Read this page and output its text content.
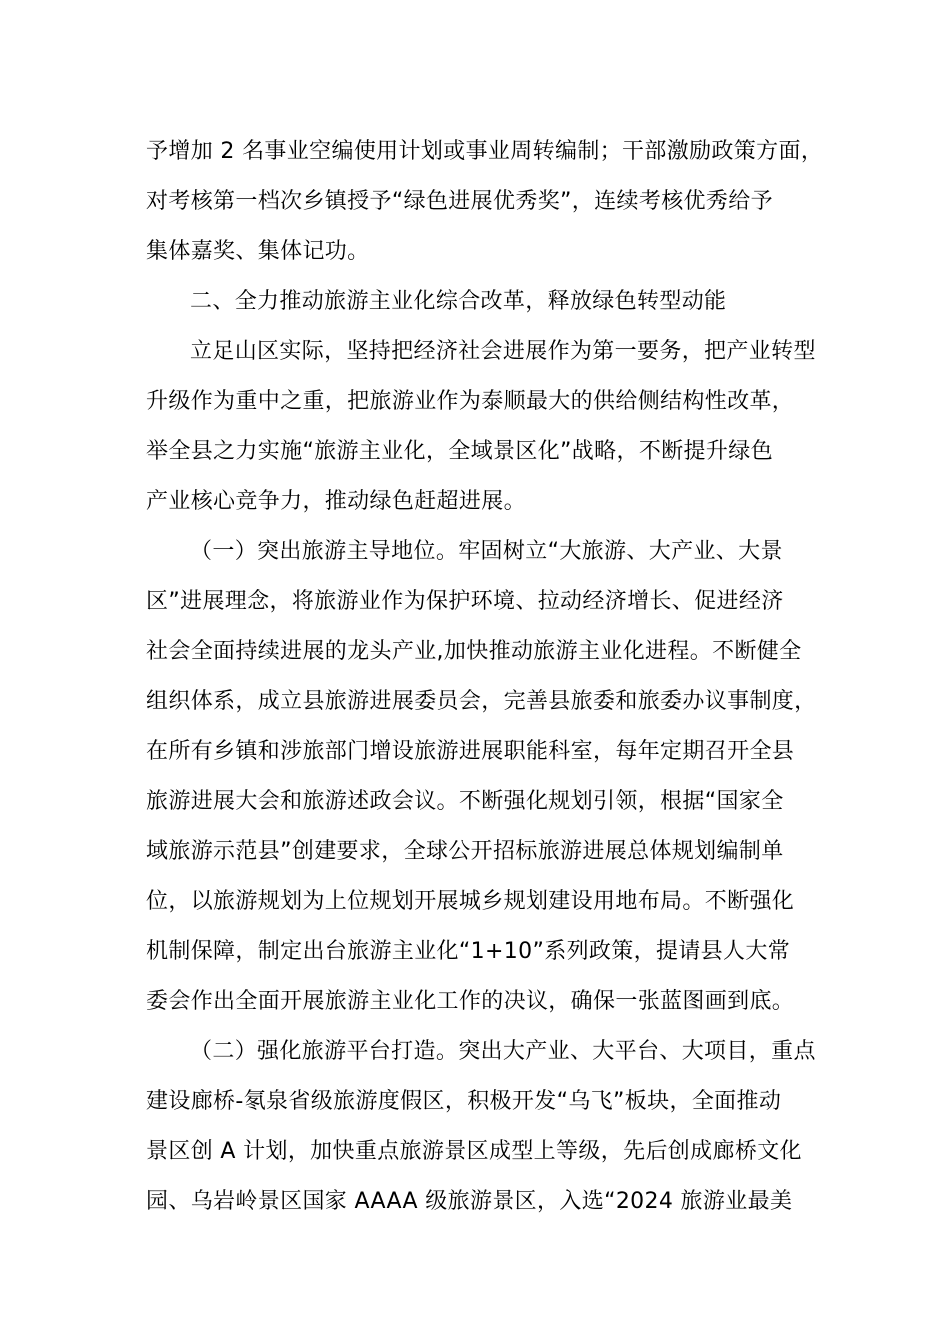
予增加 2 名事业空编使用计划或事业周转编制；干部激励政策方面，
对考核第一档次乡镇授予“绿色进展优秀奖”，连续考核优秀给予
集体嘉奖、集体记功。
二、全力推动旅游主业化综合改革，释放绿色转型动能
立足山区实际，坚持把经济社会进展作为第一要务，把产业转型
升级作为重中之重，把旅游业作为泰顺最大的供给侧结构性改革，
举全县之力实施“旅游主业化，全域景区化”战略，不断提升绿色
产业核心竞争力，推动绿色赶超进展。
（一）突出旅游主导地位。牢固树立“大旅游、大产业、大景
区”进展理念，将旅游业作为保护环境、拉动经济增长、促进经济
社会全面持续进展的龙头产业,加快推动旅游主业化进程。不断健全
组织体系，成立县旅游进展委员会，完善县旅委和旅委办议事制度，
在所有乡镇和涉旅部门增设旅游进展职能科室，每年定期召开全县
旅游进展大会和旅游述政会议。不断强化规划引领，根据“国家全
域旅游示范县”创建要求，全球公开招标旅游进展总体规划编制单
位，以旅游规划为上位规划开展城乡规划建设用地布局。不断强化
机制保障，制定出台旅游主业化“1+10”系列政策，提请县人大常
委会作出全面开展旅游主业化工作的决议，确保一张蓝图画到底。
（二）强化旅游平台打造。突出大产业、大平台、大项目，重点
建设廊桥-氡泉省级旅游度假区，积极开发“乌飞”板块，全面推动
景区创 A 计划，加快重点旅游景区成型上等级，先后创成廊桥文化
园、乌岩岭景区国家 AAAA 级旅游景区，入选“2024 旅游业最美
